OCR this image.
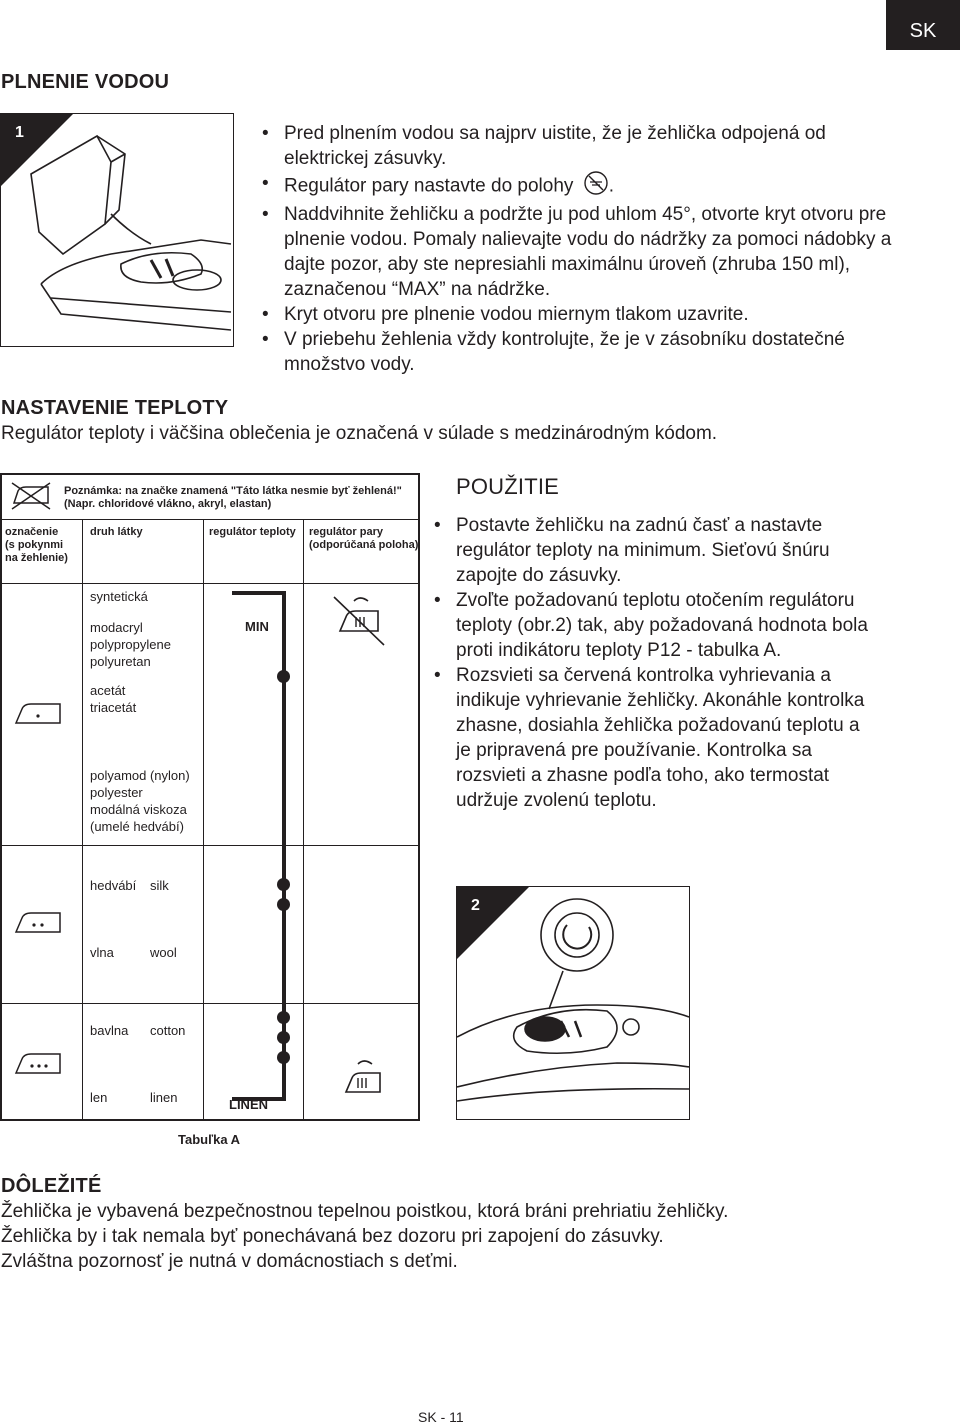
SK
PLNENIE VODOU
1
•	Pred plnením vodou sa najprv uistite, že je žehlička odpojená od elektrickej zásuvky.
• Regulátor pary nastavte do polohy .
• Naddvihnite žehličku a podržte ju pod uhlom 45°, otvorte kryt otvoru pre plnenie vodou. Pomaly nalievajte vodu do nádržky za pomoci nádobky a dajte pozor, aby ste nepresiahli maximálnu úroveň (zhruba 150 ml), zaznačenou “MAX” na nádržke.
• Kryt otvoru pre plnenie vodou miernym tlakom uzavrite.
• V priebehu žehlenia vždy kontrolujte, že je v zásobníku dostatečné množstvo vody.
NASTAVENIE TEPLOTY

Regulátor teploty i väčšina oblečenia je označená v súlade s medzinárodným kódom.

Poznámka: na značke znamená "Táto látka nesmie byť žehlená!"
(Napr. chloridové vlákno, akryl, elastan)
označenie
(s pokynmi
na žehlenie)
druh látky	regulátor teploty regulátor pary
(odporúčaná poloha)
syntetická
modacryl
polypropylene
polyuretan
acetát
triacetát
polyamod (nylon)
polyester
modálná viskoza
(umelé hedvábí)
hedvábí silk
vlna	wool
bavlna cotton
len	linen
MIN
LINEN
Tabuľka A
POUŽITIE
• Postavte žehličku na zadnú časť a nastavte regulátor teploty na minimum. Sieťovú šnúru zapojte do zásuvky.
• Zvoľte požadovanú teplotu otočením regulátoru teploty (obr.2) tak, aby požadovaná hodnota bola proti indikátoru teploty P12 - tabulka A.
• Rozsvieti sa červená kontrolka vyhrievania a indikuje vyhrievanie žehličky. Akonáhle kontrolka zhasne, dosiahla žehlička požadovanú teplotu a je pripravená pre používanie. Kontrolka sa rozsvieti a zhasne podľa toho, ako termostat udržuje zvolenú teplotu.
2
DÔLEŽITÉ
Žehlička je vybavená bezpečnostnou tepelnou poistkou, ktorá bráni prehriatiu žehličky.
Žehlička by i tak nemala byť ponechávaná bez dozoru pri zapojení do zásuvky.
Zvláštna pozornosť je nutná v domácnostiach s deťmi.
SK - 11
